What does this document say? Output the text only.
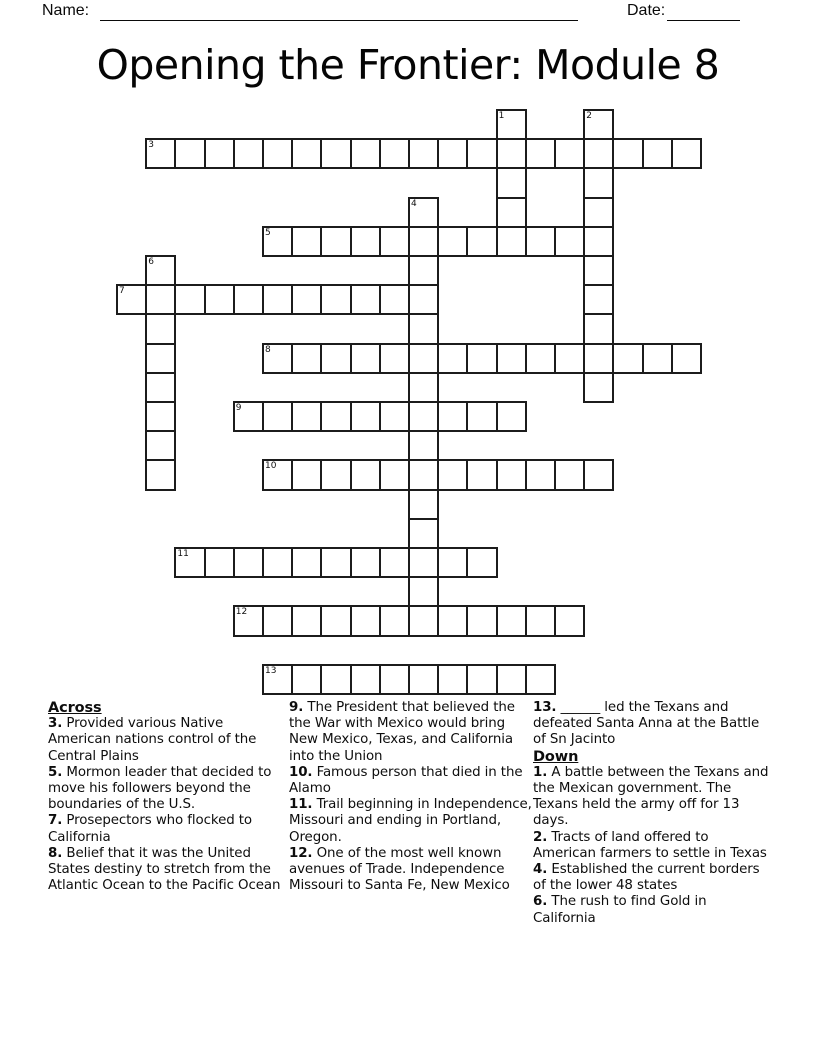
Name:	Date:
Opening the Frontier: Module 8
1	2
3
4
5
6
7
8
9
10
11
12
13
Across
3. Provided various Native American nations control of the Central Plains
5. Mormon leader that decided to move his followers beyond the boundaries of the U.S.
7. Prosepectors who flocked to California
8. Belief that it was the United States destiny to stretch from the Atlantic Ocean to the Pacific Ocean
9. The President that believed the the War with Mexico would bring New Mexico, Texas, and California into the Union
10. Famous person that died in the Alamo
11. Trail beginning in Independence, Missouri and ending in Portland, Oregon.
12. One of the most well known avenues of Trade. Independence Missouri to Santa Fe, New Mexico
13. ______ led the Texans and defeated Santa Anna at the Battle of Sn Jacinto
Down
1. A battle between the Texans and the Mexican government. The Texans held the army off for 13 days.
2. Tracts of land offered to American farmers to settle in Texas
4. Established the current borders of the lower 48 states
6. The rush to find Gold in California
